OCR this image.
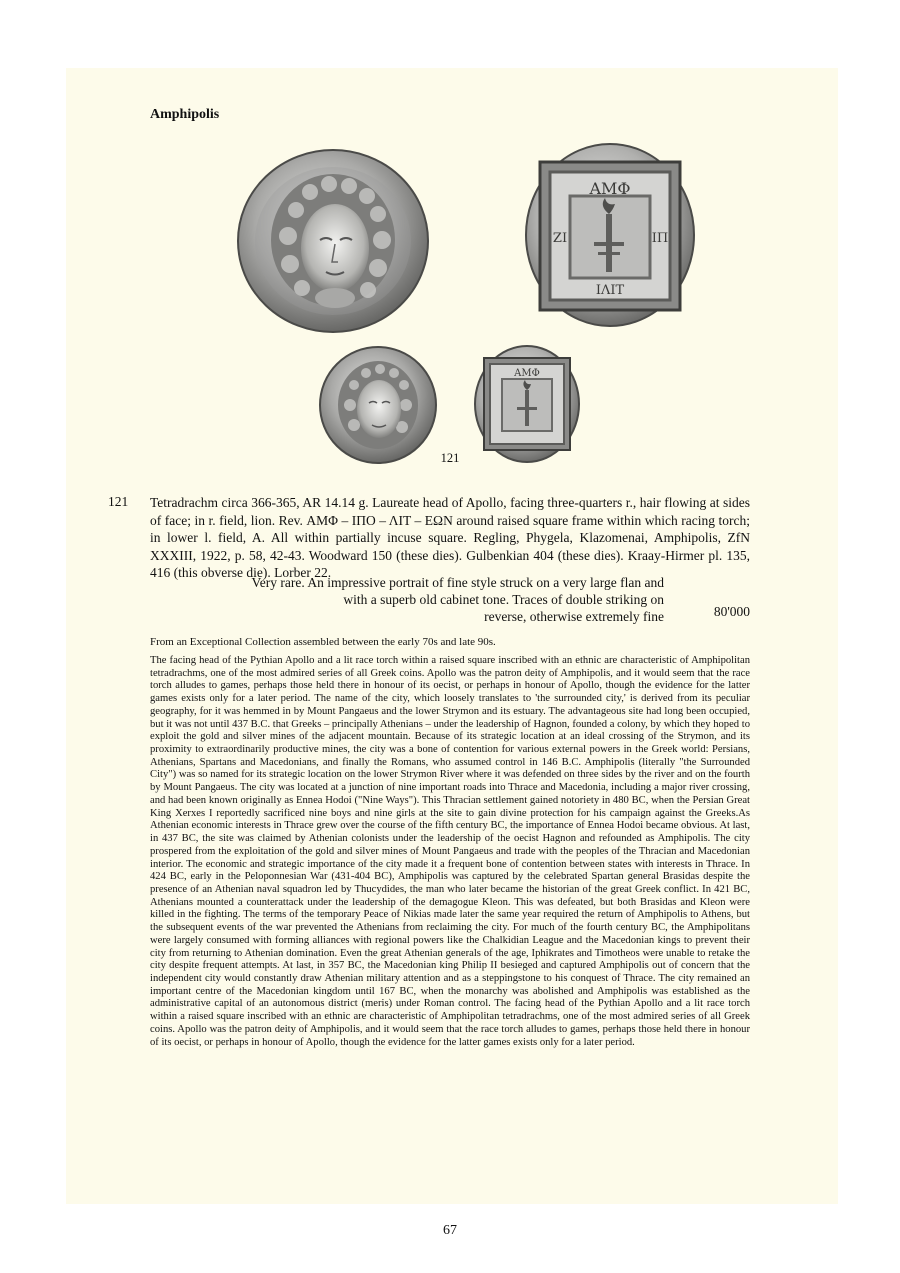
Amphipolis
ΑΜΦ
ΖΙ	ΙΠ
ΙΛΙΤ
ΑΜΦ
121
121 Tetradrachm circa 366-365, AR 14.14 g. Laureate head of Apollo, facing three-quarters r., hair flowing at sides of face; in r. field, lion. Rev. ΑΜΦ – ΙΠΟ – ΛΙΤ – ΕΩΝ around raised square frame within which racing torch; in lower l. field, A. All within partially incuse square. Regling, Phygela, Klazomenai, Amphipolis, ZfN XXXIII, 1922, p. 58, 42-43. Woodward 150 (these dies). Gulbenkian 404 (these dies). Kraay-Hirmer pl. 135, 416 (this obverse die). Lorber 22.
Very rare. An impressive portrait of fine style struck on a very large flan and
with a superb old cabinet tone. Traces of double striking on
reverse, otherwise extremely fine	80'000
From an Exceptional Collection assembled between the early 70s and late 90s.
The facing head of the Pythian Apollo and a lit race torch within a raised square inscribed with an ethnic are characteristic of Amphipolitan tetradrachms, one of the most admired series of all Greek coins. Apollo was the patron deity of Amphipolis, and it would seem that the race torch alludes to games, perhaps those held there in honour of its oecist, or perhaps in honour of Apollo, though the evidence for the latter games exists only for a later period. The name of the city, which loosely translates to 'the surrounded city,' is derived from its peculiar geography, for it was hemmed in by Mount Pangaeus and the lower Strymon and its estuary. The advantageous site had long been occupied, but it was not until 437 B.C. that Greeks – principally Athenians – under the leadership of Hagnon, founded a colony, by which they hoped to exploit the gold and silver mines of the adjacent mountain. Because of its strategic location at an ideal crossing of the Strymon, and its proximity to extraordinarily productive mines, the city was a bone of contention for various external powers in the Greek world: Persians, Athenians, Spartans and Macedonians, and finally the Romans, who assumed control in 146 B.C. Amphipolis (literally "the Surrounded City") was so named for its strategic location on the lower Strymon River where it was defended on three sides by the river and on the fourth by Mount Pangaeus. The city was located at a junction of nine important roads into Thrace and Macedonia, including a major river crossing, and had been known originally as Ennea Hodoi ("Nine Ways"). This Thracian settlement gained notoriety in 480 BC, when the Persian Great King Xerxes I reportedly sacrificed nine boys and nine girls at the site to gain divine protection for his campaign against the Greeks.As Athenian economic interests in Thrace grew over the course of the fifth century BC, the importance of Ennea Hodoi became obvious. At last, in 437 BC, the site was claimed by Athenian colonists under the leadership of the oecist Hagnon and refounded as Amphipolis. The city prospered from the exploitation of the gold and silver mines of Mount Pangaeus and trade with the peoples of the Thracian and Macedonian interior. The economic and strategic importance of the city made it a frequent bone of contention between states with interests in Thrace. In 424 BC, early in the Peloponnesian War (431-404 BC), Amphipolis was captured by the celebrated Spartan general Brasidas despite the presence of an Athenian naval squadron led by Thucydides, the man who later became the historian of the great Greek conflict. In 421 BC, Athenians mounted a counterattack under the leadership of the demagogue Kleon. This was defeated, but both Brasidas and Kleon were killed in the fighting. The terms of the temporary Peace of Nikias made later the same year required the return of Amphipolis to Athens, but the subsequent events of the war prevented the Athenians from reclaiming the city. For much of the fourth century BC, the Amphipolitans were largely consumed with forming alliances with regional powers like the Chalkidian League and the Macedonian kings to prevent their city from returning to Athenian domination. Even the great Athenian generals of the age, Iphikrates and Timotheos were unable to retake the city despite frequent attempts. At last, in 357 BC, the Macedonian king Philip II besieged and captured Amphipolis out of concern that the independent city would constantly draw Athenian military attention and as a steppingstone to his conquest of Thrace. The city remained an important centre of the Macedonian kingdom until 167 BC, when the monarchy was abolished and Amphipolis was established as the administrative capital of an autonomous district (meris) under Roman control. The facing head of the Pythian Apollo and a lit race torch within a raised square inscribed with an ethnic are characteristic of Amphipolitan tetradrachms, one of the most admired series of all Greek coins. Apollo was the patron deity of Amphipolis, and it would seem that the race torch alludes to games, perhaps those held there in honour of its oecist, or perhaps in honour of Apollo, though the evidence for the latter games exists only for a later period.
67
